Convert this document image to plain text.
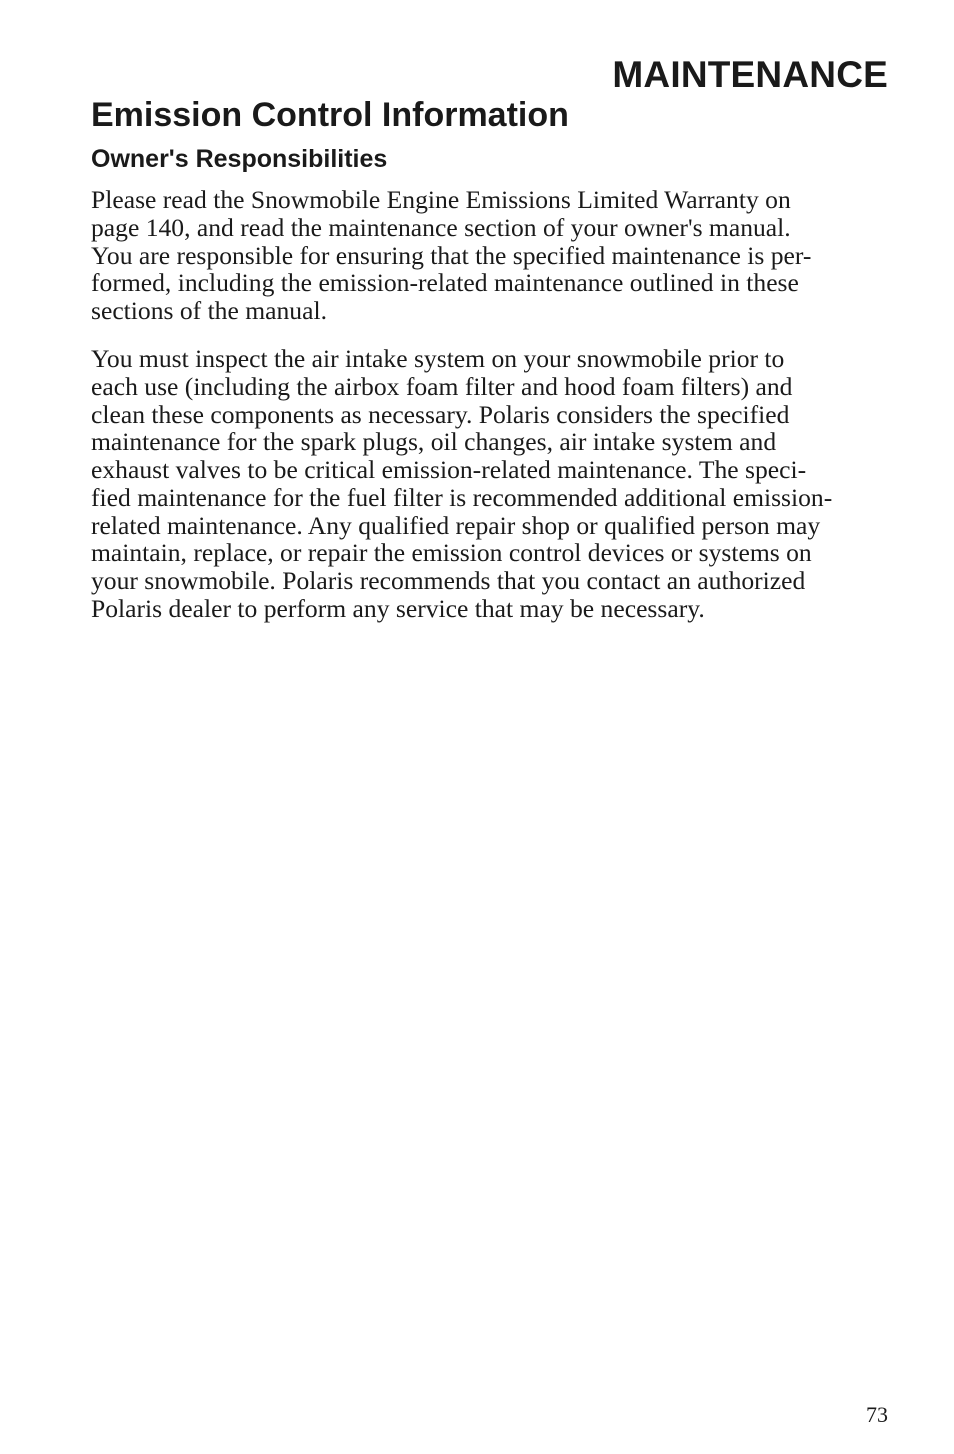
MAINTENANCE
Emission Control Information
Owner's Responsibilities

Please read the Snowmobile Engine Emissions Limited Warranty on
page 140, and read the maintenance section of your owner's manual.
You are responsible for ensuring that the specified maintenance is per-
formed, including the emission-related maintenance outlined in these
sections of the manual.

You must inspect the air intake system on your snowmobile prior to
each use (including the airbox foam filter and hood foam filters) and
clean these components as necessary. Polaris considers the specified
maintenance for the spark plugs, oil changes, air intake system and
exhaust valves to be critical emission-related maintenance. The speci-
fied maintenance for the fuel filter is recommended additional emission-
related maintenance. Any qualified repair shop or qualified person may
maintain, replace, or repair the emission control devices or systems on
your snowmobile. Polaris recommends that you contact an authorized
Polaris dealer to perform any service that may be necessary.

73
